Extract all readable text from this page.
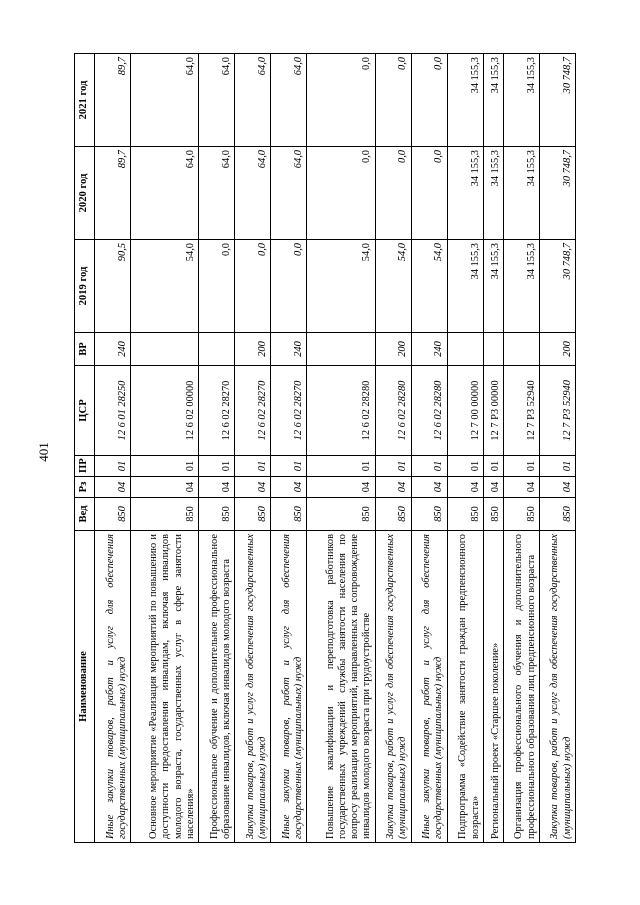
401
Наименование	Вед	Рз	ПР	ЦСР	ВР	2019 год	2020 год	2021 год
Иные закупки товаров, работ и услуг для обеспечения государственных (муниципальных) нужд	850	04	01	12 6 01 28250	240	90,5	89,7	89,7
Основное мероприятие «Реализация мероприятий по повышению и доступности предоставления инвалидам, включая инвалидов молодого возраста, государственных услуг в сфере занятости населения»	850	04	01	12 6 02 00000		54,0	64,0	64,0
Профессиональное обучение и дополнительное профессиональное образование инвалидов, включая инвалидов молодого возраста	850	04	01	12 6 02 28270		0,0	64,0	64,0
Закупка товаров, работ и услуг для обеспечения государственных (муниципальных) нужд	850	04	01	12 6 02 28270	200	0,0	64,0	64,0
Иные закупки товаров, работ и услуг для обеспечения государственных (муниципальных) нужд	850	04	01	12 6 02 28270	240	0,0	64,0	64,0
Повышение квалификации и переподготовка работников государственных учреждений службы занятости населения по вопросу реализации мероприятий, направленных на сопровождение инвалидов молодого возраста при трудоустройстве	850	04	01	12 6 02 28280		54,0	0,0	0,0
Закупка товаров, работ и услуг для обеспечения государственных (муниципальных) нужд	850	04	01	12 6 02 28280	200	54,0	0,0	0,0
Иные закупки товаров, работ и услуг для обеспечения государственных (муниципальных) нужд	850	04	01	12 6 02 28280	240	54,0	0,0	0,0
Подпрограмма «Содействие занятости граждан предпенсионного возраста»	850	04	01	12 7 00 00000		34 155,3	34 155,3	34 155,3
Региональный проект «Старшее поколение»	850	04	01	12 7 P3 00000		34 155,3	34 155,3	34 155,3
Организация профессионального обучения и дополнительного профессионального образования лиц предпенсионного возраста	850	04	01	12 7 P3 52940		34 155,3	34 155,3	34 155,3
Закупка товаров, работ и услуг для обеспечения государственных (муниципальных) нужд	850	04	01	12 7 P3 52940	200	30 748,7	30 748,7	30 748,7
